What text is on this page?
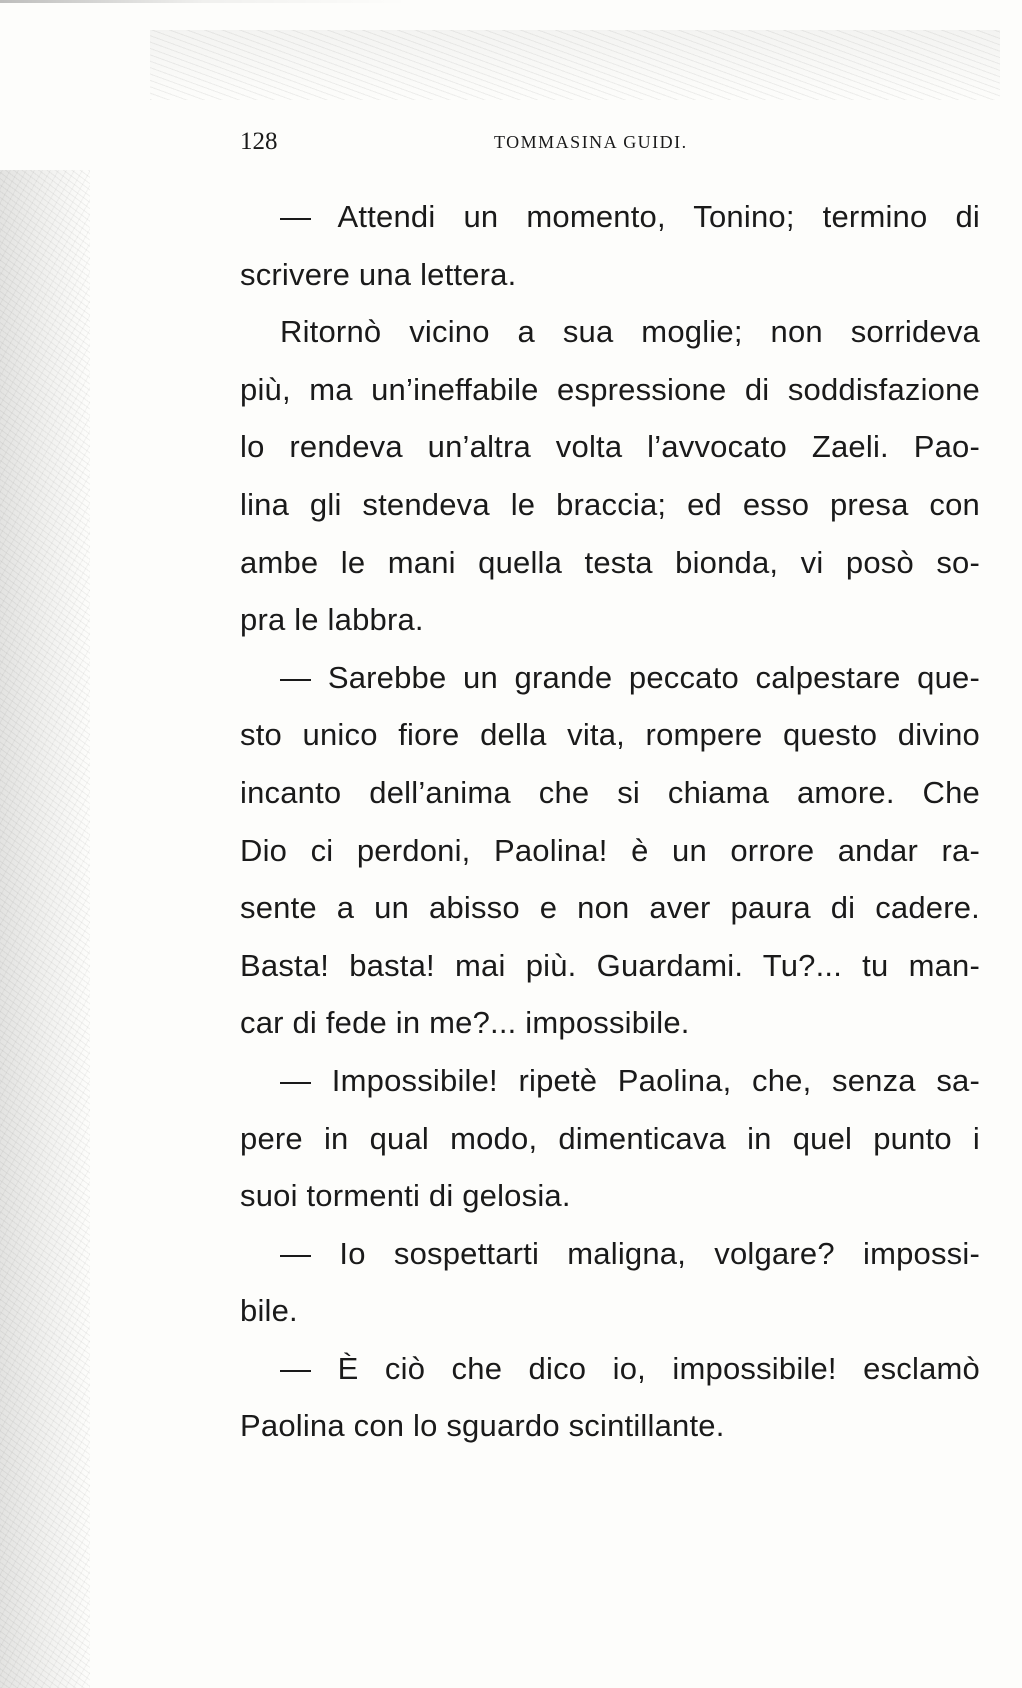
128	TOMMASINA GUIDI.
— Attendi un momento, Tonino; termino di
scrivere una lettera.
Ritornò vicino a sua moglie; non sorrideva
più, ma un’ineffabile espressione di soddisfazione
lo rendeva un’altra volta l’avvocato Zaeli. Pao-
lina gli stendeva le braccia; ed esso presa con
ambe le mani quella testa bionda, vi posò so-
pra le labbra.
— Sarebbe un grande peccato calpestare que-
sto unico fiore della vita, rompere questo divino
incanto dell’anima che si chiama amore. Che
Dio ci perdoni, Paolina! è un orrore andar ra-
sente a un abisso e non aver paura di cadere.
Basta! basta! mai più. Guardami. Tu?... tu man-
car di fede in me?... impossibile.
— Impossibile! ripetè Paolina, che, senza sa-
pere in qual modo, dimenticava in quel punto i
suoi tormenti di gelosia.
— Io sospettarti maligna, volgare? impossi-
bile.
— È ciò che dico io, impossibile! esclamò
Paolina con lo sguardo scintillante.
